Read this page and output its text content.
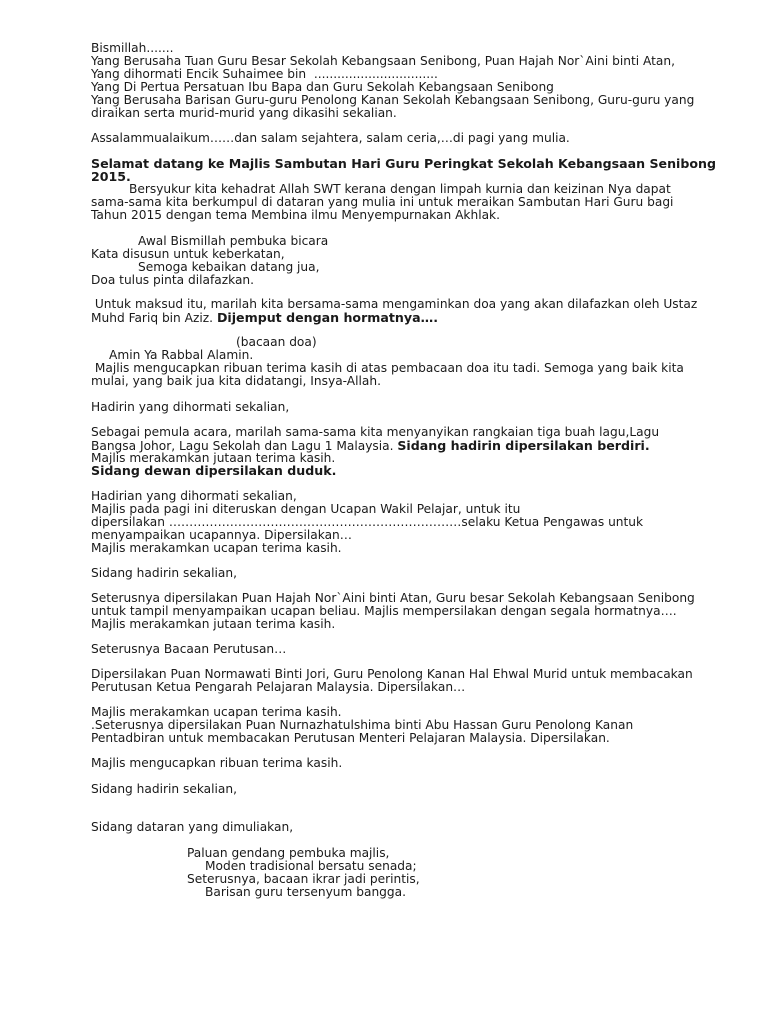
Bismillah.......
Yang Berusaha Tuan Guru Besar Sekolah Kebangsaan Senibong, Puan Hajah Nor`Aini binti Atan,
Yang dihormati Encik Suhaimee bin  ................................
Yang Di Pertua Persatuan Ibu Bapa dan Guru Sekolah Kebangsaan Senibong
Yang Berusaha Barisan Guru-guru Penolong Kanan Sekolah Kebangsaan Senibong, Guru-guru yang
diraikan serta murid-murid yang dikasihi sekalian.
Assalammualaikum……dan salam sejahtera, salam ceria,…di pagi yang mulia.
Selamat datang ke Majlis Sambutan Hari Guru Peringkat Sekolah Kebangsaan Senibong
2015.
Bersyukur kita kehadrat Allah SWT kerana dengan limpah kurnia dan keizinan Nya dapat
sama-sama kita berkumpul di dataran yang mulia ini untuk meraikan Sambutan Hari Guru bagi
Tahun 2015 dengan tema Membina ilmu Menyempurnakan Akhlak.
Awal Bismillah pembuka bicara
Kata disusun untuk keberkatan,
Semoga kebaikan datang jua,
Doa tulus pinta dilafazkan.
Untuk maksud itu, marilah kita bersama-sama mengaminkan doa yang akan dilafazkan oleh Ustaz
Muhd Fariq bin Aziz. Dijemput dengan hormatnya….
(bacaan doa)
Amin Ya Rabbal Alamin.
Majlis mengucapkan ribuan terima kasih di atas pembacaan doa itu tadi. Semoga yang baik kita
mulai, yang baik jua kita didatangi, Insya-Allah.
Hadirin yang dihormati sekalian,
Sebagai pemula acara, marilah sama-sama kita menyanyikan rangkaian tiga buah lagu,Lagu
Bangsa Johor, Lagu Sekolah dan Lagu 1 Malaysia. Sidang hadirin dipersilakan berdiri.
Majlis merakamkan jutaan terima kasih.
Sidang dewan dipersilakan duduk.
Hadirian yang dihormati sekalian,
Majlis pada pagi ini diteruskan dengan Ucapan Wakil Pelajar, untuk itu
dipersilakan ………………………………………………………………selaku Ketua Pengawas untuk
menyampaikan ucapannya. Dipersilakan…
Majlis merakamkan ucapan terima kasih.
Sidang hadirin sekalian,
Seterusnya dipersilakan Puan Hajah Nor`Aini binti Atan, Guru besar Sekolah Kebangsaan Senibong
untuk tampil menyampaikan ucapan beliau. Majlis mempersilakan dengan segala hormatnya….
Majlis merakamkan jutaan terima kasih.
Seterusnya Bacaan Perutusan…
Dipersilakan Puan Normawati Binti Jori, Guru Penolong Kanan Hal Ehwal Murid untuk membacakan
Perutusan Ketua Pengarah Pelajaran Malaysia. Dipersilakan…
Majlis merakamkan ucapan terima kasih.
.Seterusnya dipersilakan Puan Nurnazhatulshima binti Abu Hassan Guru Penolong Kanan
Pentadbiran untuk membacakan Perutusan Menteri Pelajaran Malaysia. Dipersilakan.
Majlis mengucapkan ribuan terima kasih.
Sidang hadirin sekalian,
Sidang dataran yang dimuliakan,
Paluan gendang pembuka majlis,
Moden tradisional bersatu senada;
Seterusnya, bacaan ikrar jadi perintis,
Barisan guru tersenyum bangga.
